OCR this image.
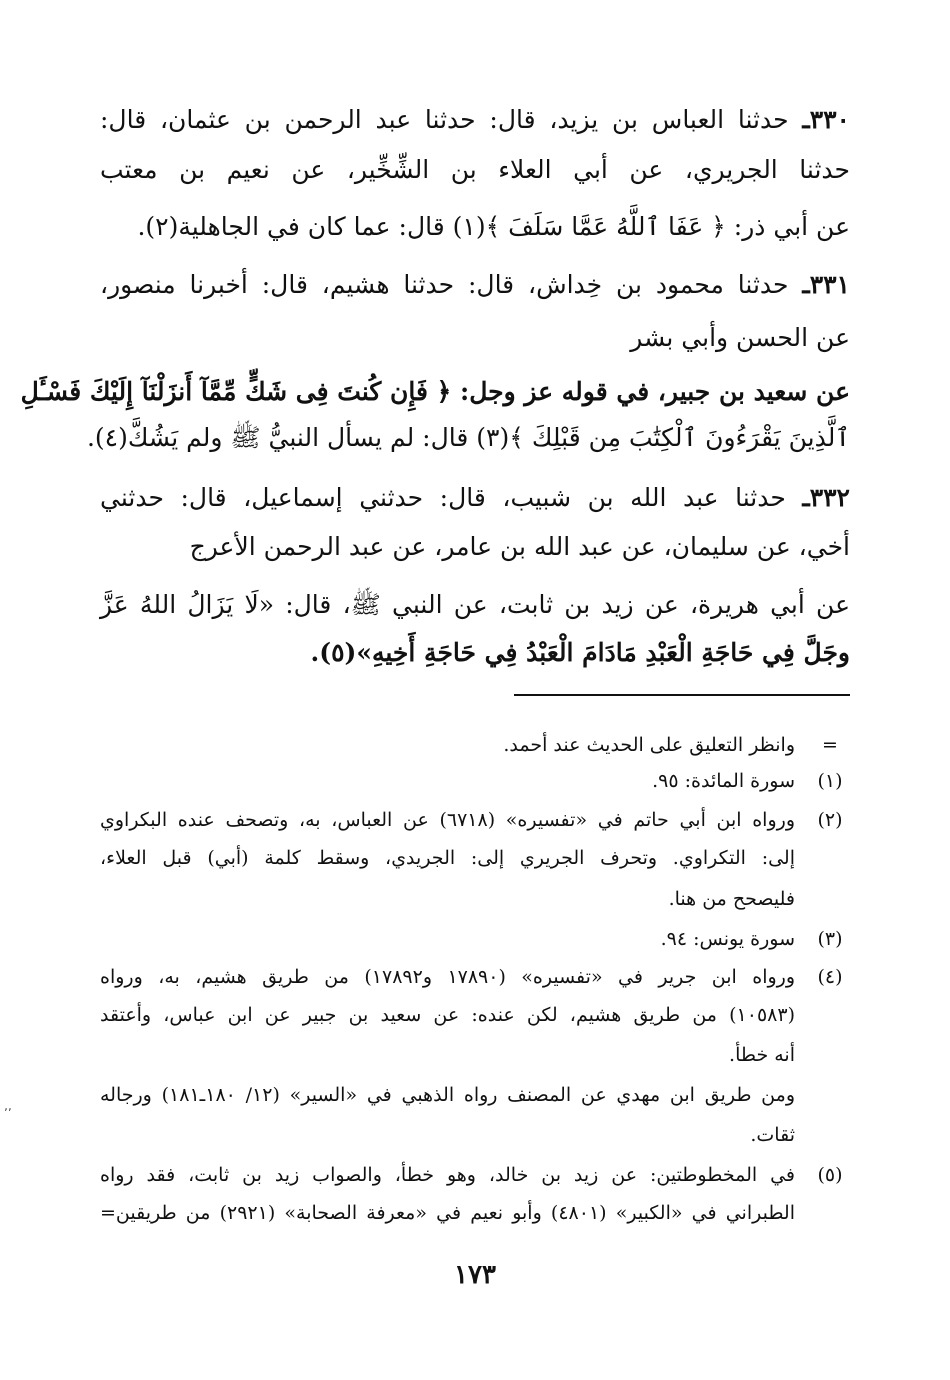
٣٣٠ـ حدثنا العباس بن يزيد، قال: حدثنا عبد الرحمن بن عثمان، قال:
حدثنا الجريري، عن أبي العلاء بن الشِّخِّير، عن نعيم بن معتب
عن أبي ذر: ﴿ عَفَا ٱللَّهُ عَمَّا سَلَفَ ﴾(١) قال: عما كان في الجاهلية(٢).
٣٣١ـ حدثنا محمود بن خِداش، قال: حدثنا هشيم، قال: أخبرنا منصور،
عن الحسن وأبي بشر
عن سعيد بن جبير، في قوله عز وجل: ﴿ فَإِن كُنتَ فِى شَكٍّ مِّمَّآ أَنزَلْنَآ إِلَيْكَ فَسْـَٔلِ
ٱلَّذِينَ يَقْرَءُونَ ٱلْكِتَٰبَ مِن قَبْلِكَ ﴾(٣) قال: لم يسأل النبيُّ ﷺ ولم يَشُكَّ(٤).
٣٣٢ـ حدثنا عبد الله بن شبيب، قال: حدثني إسماعيل، قال: حدثني
أخي، عن سليمان، عن عبد الله بن عامر، عن عبد الرحمن الأعرج
عن أبي هريرة، عن زيد بن ثابت، عن النبي ﷺ، قال: «لَا يَزَالُ اللهُ عَزَّ
وجَلَّ فِي حَاجَةِ الْعَبْدِ مَادَامَ الْعَبْدُ فِي حَاجَةِ أَخِيهِ»(٥).
=
وانظر التعليق على الحديث عند أحمد.
(١)
سورة المائدة: ٩٥.
(٢)
ورواه ابن أبي حاتم في «تفسيره» (٦٧١٨) عن العباس، به، وتصحف عنده البكراوي
إلى: التكراوي. وتحرف الجريري إلى: الجريدي، وسقط كلمة (أبي) قبل العلاء،
فليصحح من هنا.
(٣)
سورة يونس: ٩٤.
(٤)
ورواه ابن جرير في «تفسيره» (١٧٨٩٠ و١٧٨٩٢) من طريق هشيم، به، ورواه
(١٠٥٨٣) من طريق هشيم، لكن عنده: عن سعيد بن جبير عن ابن عباس، وأعتقد
أنه خطأ.
ومن طريق ابن مهدي عن المصنف رواه الذهبي في «السير» (١٢/ ١٨٠ـ١٨١) ورجاله
ثقات.
(٥)
في المخطوطتين: عن زيد بن خالد، وهو خطأ، والصواب زيد بن ثابت، فقد رواه
الطبراني في «الكبير» (٤٨٠١) وأبو نعيم في «معرفة الصحابة» (٢٩٢١) من طريقين=
١٧٣
٬٬
